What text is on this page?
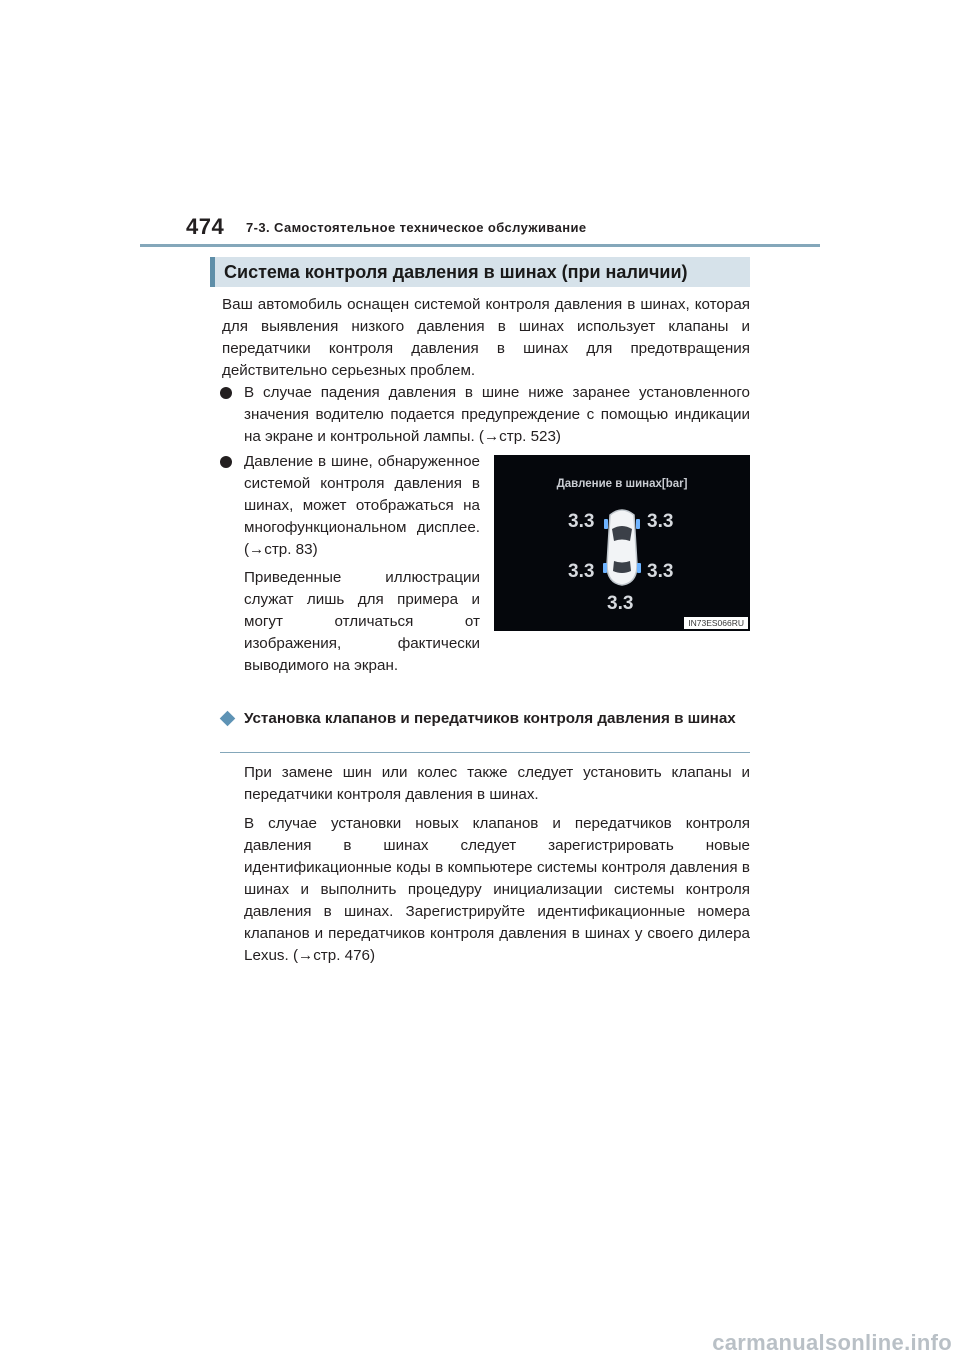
474 7-3. Самостоятельное техническое обслуживание
Система контроля давления в шинах (при наличии)
Ваш автомобиль оснащен системой контроля давления в шинах, которая для выявления низкого давления в шинах использует клапаны и передатчики контроля давления в шинах для предотвращения действительно серьезных проблем.
В случае падения давления в шине ниже заранее установленного значения водителю подается предупреждение с помощью индикации на экране и контрольной лампы. (→стр. 523)
Давление в шине, обнаруженное системой контроля давления в шинах, может отображаться на многофункциональном дисплее. (→стр. 83)
Приведенные иллюстрации служат лишь для примера и могут отличаться от изображения, фактически выводимого на экран.
Давление в шинах[bar]
3.3	3.3
3.3	3.3
3.3
IN73ES066RU
Установка клапанов и передатчиков контроля давления в шинах
При замене шин или колес также следует установить клапаны и передатчики контроля давления в шинах.
В случае установки новых клапанов и передатчиков контроля давления в шинах следует зарегистрировать новые идентификационные коды в компьютере системы контроля давления в шинах и выполнить процедуру инициализации системы контроля давления в шинах. Зарегистрируйте идентификационные номера клапанов и передатчиков контроля давления в шинах у своего дилера Lexus. (→стр. 476)
carmanualsonline.info
